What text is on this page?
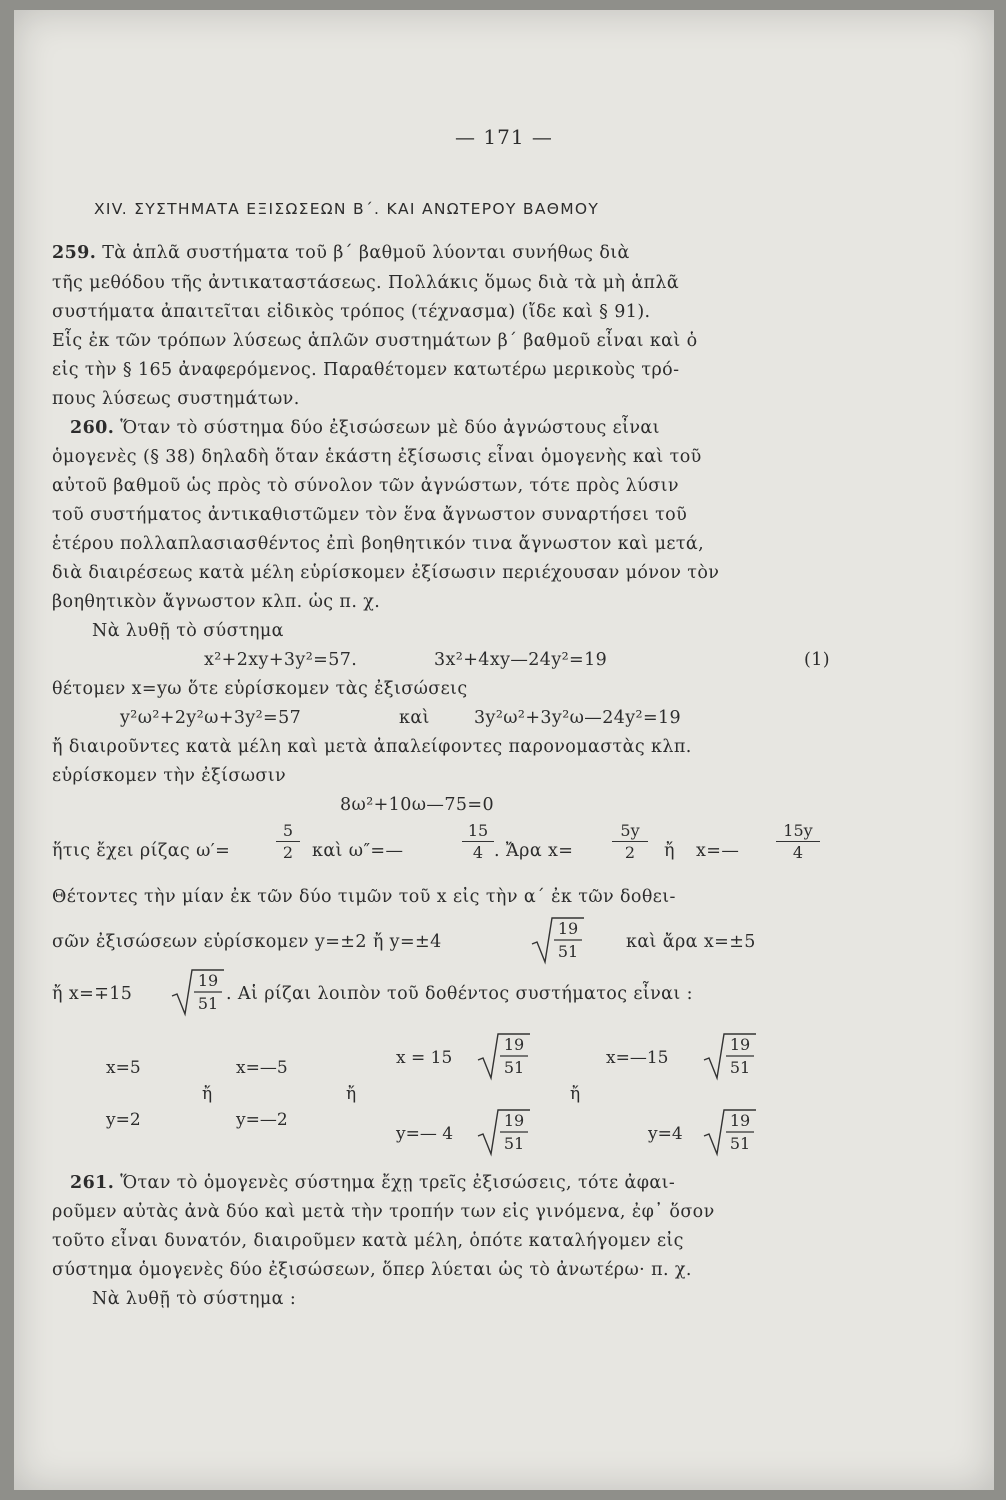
— 171 —
XIV. ΣΥΣΤΗΜΑΤΑ ΕΞΙΣΩΣΕΩΝ Β΄. ΚΑΙ ΑΝΩΤΕΡΟΥ ΒΑΘΜΟΥ
259. Τὰ ἁπλᾶ συστήματα τοῦ β΄ βαθμοῦ λύονται συνήθως διὰ
τῆς μεθόδου τῆς ἀντικαταστάσεως. Πολλάκις ὅμως διὰ τὰ μὴ ἁπλᾶ
συστήματα ἀπαιτεῖται εἰδικὸς τρόπος (τέχνασμα) (ἴδε καὶ § 91).
Εἷς ἐκ τῶν τρόπων λύσεως ἁπλῶν συστημάτων β΄ βαθμοῦ εἶναι καὶ ὁ
εἰς τὴν § 165 ἀναφερόμενος. Παραθέτομεν κατωτέρω μερικοὺς τρό-
πους λύσεως συστημάτων.
260. Ὅταν τὸ σύστημα δύο ἐξισώσεων μὲ δύο ἀγνώστους εἶναι
ὁμογενὲς (§ 38) δηλαδὴ ὅταν ἑκάστη ἐξίσωσις εἶναι ὁμογενὴς καὶ τοῦ
αὐτοῦ βαθμοῦ ὡς πρὸς τὸ σύνολον τῶν ἀγνώστων, τότε πρὸς λύσιν
τοῦ συστήματος ἀντικαθιστῶμεν τὸν ἕνα ἄγνωστον συναρτήσει τοῦ
ἑτέρου πολλαπλασιασθέντος ἐπὶ βοηθητικόν τινα ἄγνωστον καὶ μετά,
διὰ διαιρέσεως κατὰ μέλη εὑρίσκομεν ἐξίσωσιν περιέχουσαν μόνον τὸν
βοηθητικὸν ἄγνωστον κλπ. ὡς π. χ.
Νὰ λυθῇ τὸ σύστημα
x²+2xy+3y²=57.	3x²+4xy—24y²=19	(1)
θέτομεν x=yω ὅτε εὑρίσκομεν τὰς ἐξισώσεις
y²ω²+2y²ω+3y²=57	καὶ	3y²ω²+3y²ω—24y²=19
ἤ διαιροῦντες κατὰ μέλη καὶ μετὰ ἀπαλείφοντες παρονομαστὰς κλπ.
εὑρίσκομεν τὴν ἐξίσωσιν
8ω²+10ω—75=0
ἥτις ἔχει ρίζας ω′=	$\frac{5}{2}$ καὶ ω″=—	$\frac{15}{4}$ . Ἄρα $x= \frac{5y}{2}$ ἤ x=— $\frac{15y}{4}$
Θέτοντες τὴν μίαν ἐκ τῶν δύο τιμῶν τοῦ x εἰς τὴν α΄ ἐκ τῶν δοθει-
σῶν ἐξισώσεων εὑρίσκομεν y=±2 ἤ y=±4
19
51	καὶ ἄρα x=±5
ἤ x=∓15
19
51 . Αἱ ρίζαι λοιπὸν τοῦ δοθέντος συστήματος εἶναι :
x=5
y=2
ἤ
x=—5
y=—2
ἤ
x = 15
19
51
y=— 4
19
51
ἤ
x=—15
19
51
y=4
19
51
261. Ὅταν τὸ ὁμογενὲς σύστημα ἔχῃ τρεῖς ἐξισώσεις, τότε ἀφαι-
ροῦμεν αὐτὰς ἀνὰ δύο καὶ μετὰ τὴν τροπήν των εἰς γινόμενα, ἐφ᾽ ὅσον
τοῦτο εἶναι δυνατόν, διαιροῦμεν κατὰ μέλη, ὁπότε καταλήγομεν εἰς
σύστημα ὁμογενὲς δύο ἐξισώσεων, ὅπερ λύεται ὡς τὸ ἀνωτέρω· π. χ.
Νὰ λυθῇ τὸ σύστημα :
